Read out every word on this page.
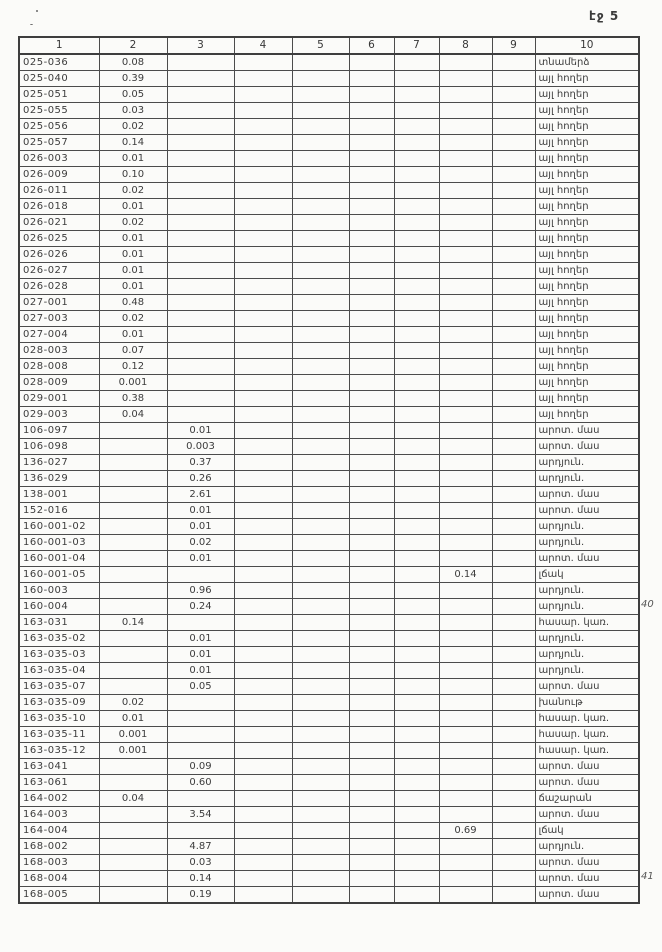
էջ 5
1	2	3	4	5	6	7	8	9	10
025-036	0.08								տնամերձ
025-040	0.39								այլ հողեր
025-051	0.05								այլ հողեր
025-055	0.03								այլ հողեր
025-056	0.02								այլ հողեր
025-057	0.14								այլ հողեր
026-003	0.01								այլ հողեր
026-009	0.10								այլ հողեր
026-011	0.02								այլ հողեր
026-018	0.01								այլ հողեր
026-021	0.02								այլ հողեր
026-025	0.01								այլ հողեր
026-026	0.01								այլ հողեր
026-027	0.01								այլ հողեր
026-028	0.01								այլ հողեր
027-001	0.48								այլ հողեր
027-003	0.02								այլ հողեր
027-004	0.01								այլ հողեր
028-003	0.07								այլ հողեր
028-008	0.12								այլ հողեր
028-009	0.001								այլ հողեր
029-001	0.38								այլ հողեր
029-003	0.04								այլ հողեր
106-097		0.01							արոտ. մաս
106-098		0.003							արոտ. մաս
136-027		0.37							արդյուն.
136-029		0.26							արդյուն.
138-001		2.61							արոտ. մաս
152-016		0.01							արոտ. մաս
160-001-02		0.01							արդյուն.
160-001-03		0.02							արդյուն.
160-001-04		0.01							արոտ. մաս
160-001-05							0.14		լճակ
160-003		0.96							արդյուն.
160-004		0.24							արդյուն.
163-031	0.14								հասար. կառ.
163-035-02		0.01							արդյուն.
163-035-03		0.01							արդյուն.
163-035-04		0.01							արդյուն.
163-035-07		0.05							արոտ. մաս
163-035-09	0.02								խանութ
163-035-10	0.01								հասար. կառ.
163-035-11	0.001								հասար. կառ.
163-035-12	0.001								հասար. կառ.
163-041		0.09							արոտ. մաս
163-061		0.60							արոտ. մաս
164-002	0.04								ճաշարան
164-003		3.54							արոտ. մաս
164-004							0.69		լճակ
168-002		4.87							արդյուն.
168-003		0.03							արոտ. մաս
168-004		0.14							արոտ. մաս
168-005		0.19							արոտ. մաս
40
41
